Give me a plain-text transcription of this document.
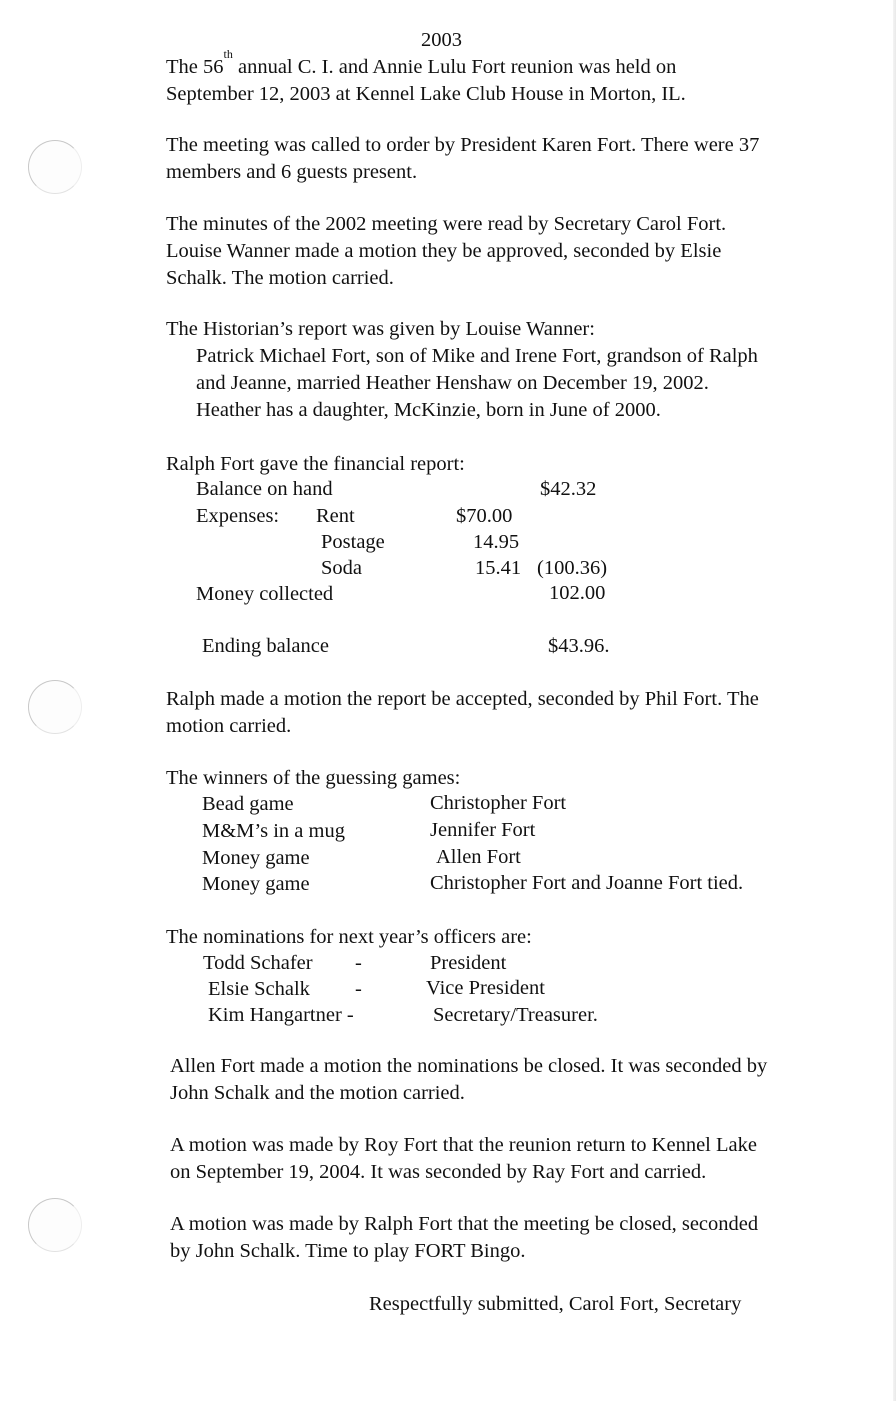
2003
The 56th annual C. I. and Annie Lulu Fort reunion was held on
September 12, 2003 at Kennel Lake Club House in Morton, IL.
The meeting was called to order by President Karen Fort. There were 37
members and 6 guests present.
The minutes of the 2002 meeting were read by Secretary Carol Fort.
Louise Wanner made a motion they be approved, seconded by Elsie
Schalk. The motion carried.
The Historian’s report was given by Louise Wanner:
Patrick Michael Fort, son of Mike and Irene Fort, grandson of Ralph
and Jeanne, married Heather Henshaw on December 19, 2002.
Heather has a daughter, McKinzie, born in June of 2000.
Ralph Fort gave the financial report:
Balance on hand	$42.32
Expenses: Rent	$70.00
Postage	14.95
Soda	15.41 (100.36)
Money collected	102.00
Ending balance	$43.96.
Ralph made a motion the report be accepted, seconded by Phil Fort. The
motion carried.
The winners of the guessing games:
Bead game	Christopher Fort
M&M’s in a mug	Jennifer Fort
Money game	Allen Fort
Money game	Christopher Fort and Joanne Fort tied.
The nominations for next year’s officers are:
Todd Schafer -	President
Elsie Schalk -	Vice President
Kim Hangartner -	Secretary/Treasurer.
Allen Fort made a motion the nominations be closed. It was seconded by
John Schalk and the motion carried.
A motion was made by Roy Fort that the reunion return to Kennel Lake
on September 19, 2004. It was seconded by Ray Fort and carried.
A motion was made by Ralph Fort that the meeting be closed, seconded
by John Schalk. Time to play FORT Bingo.
Respectfully submitted, Carol Fort, Secretary
